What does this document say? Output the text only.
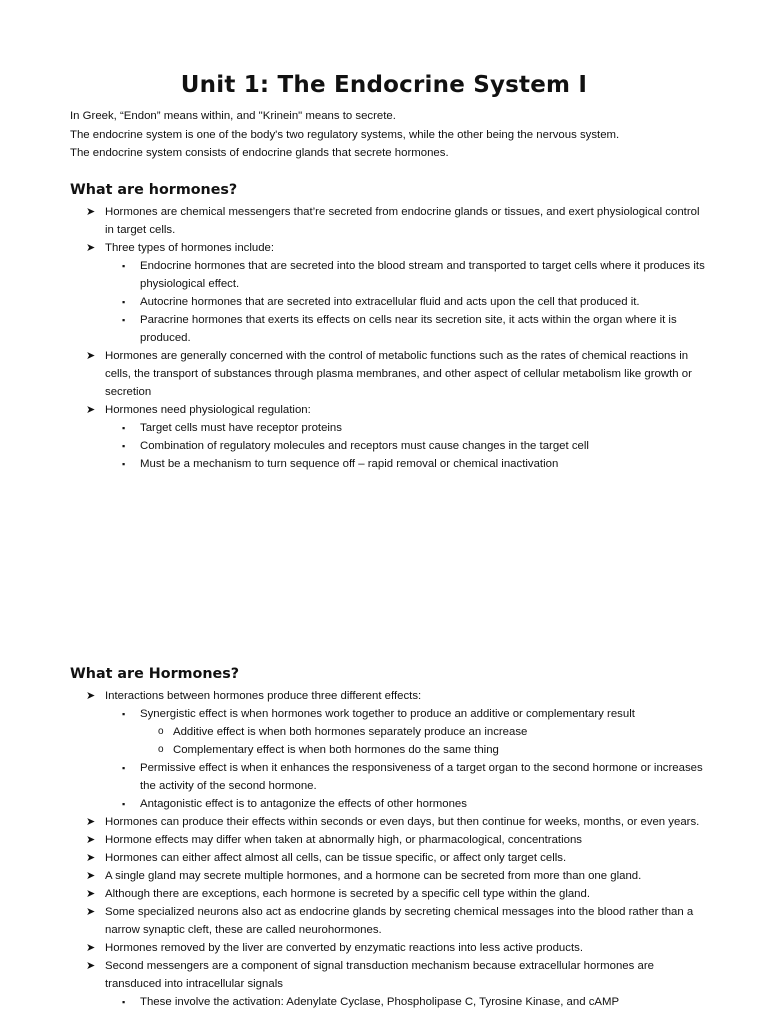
Unit 1: The Endocrine System I

In Greek, “Endon” means within, and "Krinein" means to secrete.

The endocrine system is one of the body's two regulatory systems, while the other being the nervous system.

The endocrine system consists of endocrine glands that secrete hormones.

What are hormones?
➤ Hormones are chemical messengers that’re secreted from endocrine glands or tissues, and exert physiological control in target cells.
➤ Three types of hormones include:
▪ Endocrine hormones that are secreted into the blood stream and transported to target cells where it produces its physiological effect.
▪ Autocrine hormones that are secreted into extracellular fluid and acts upon the cell that produced it.
▪ Paracrine hormones that exerts its effects on cells near its secretion site, it acts within the organ where it is produced.
➤ Hormones are generally concerned with the control of metabolic functions such as the rates of chemical reactions in cells, the transport of substances through plasma membranes, and other aspect of cellular metabolism like growth or secretion
➤ Hormones need physiological regulation:
▪ Target cells must have receptor proteins
▪ Combination of regulatory molecules and receptors must cause changes in the target cell
▪ Must be a mechanism to turn sequence off – rapid removal or chemical inactivation
What are Hormones?
➤ Interactions between hormones produce three different effects:
▪ Synergistic effect is when hormones work together to produce an additive or complementary result
o Additive effect is when both hormones separately produce an increase
o Complementary effect is when both hormones do the same thing
▪ Permissive effect is when it enhances the responsiveness of a target organ to the second hormone or increases the activity of the second hormone.
▪ Antagonistic effect is to antagonize the effects of other hormones
➤ Hormones can produce their effects within seconds or even days, but then continue for weeks, months, or even years.
➤ Hormone effects may differ when taken at abnormally high, or pharmacological, concentrations
➤ Hormones can either affect almost all cells, can be tissue specific, or affect only target cells.
➤ A single gland may secrete multiple hormones, and a hormone can be secreted from more than one gland.
➤ Although there are exceptions, each hormone is secreted by a specific cell type within the gland.
➤ Some specialized neurons also act as endocrine glands by secreting chemical messages into the blood rather than a narrow synaptic cleft, these are called neurohormones.
➤ Hormones removed by the liver are converted by enzymatic reactions into less active products.
➤ Second messengers are a component of signal transduction mechanism because extracellular hormones are transduced into intracellular signals
▪ These involve the activation: Adenylate Cyclase, Phospholipase C, Tyrosine Kinase, and cAMP
